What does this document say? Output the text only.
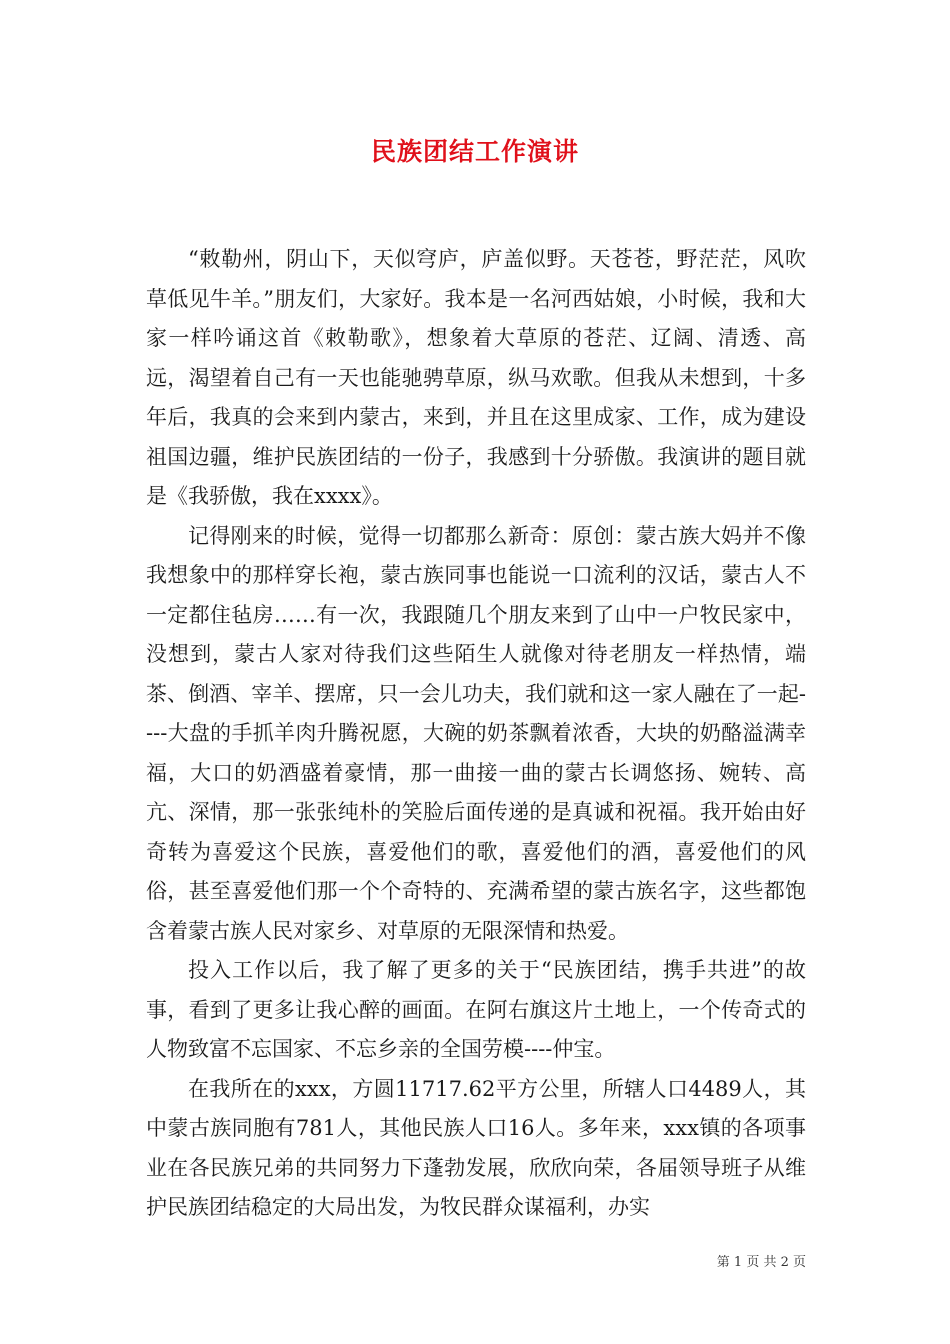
民族团结工作演讲

“敕勒州，阴山下，天似穹庐，庐盖似野。天苍苍，野茫茫，风吹草低见牛羊。”朋友们，大家好。我本是一名河西姑娘，小时候，我和大家一样吟诵这首《敕勒歌》，想象着大草原的苍茫、辽阔、清透、高远，渴望着自己有一天也能驰骋草原，纵马欢歌。但我从未想到，十多年后，我真的会来到内蒙古，来到，并且在这里成家、工作，成为建设祖国边疆，维护民族团结的一份子，我感到十分骄傲。我演讲的题目就是《我骄傲，我在xxxx》。

记得刚来的时候，觉得一切都那么新奇：原创：蒙古族大妈并不像我想象中的那样穿长袍，蒙古族同事也能说一口流利的汉话，蒙古人不一定都住毡房……有一次，我跟随几个朋友来到了山中一户牧民家中，没想到，蒙古人家对待我们这些陌生人就像对待老朋友一样热情，端茶、倒酒、宰羊、摆席，只一会儿功夫，我们就和这一家人融在了一起----大盘的手抓羊肉升腾祝愿，大碗的奶茶飘着浓香，大块的奶酪溢满幸福，大口的奶酒盛着豪情，那一曲接一曲的蒙古长调悠扬、婉转、高亢、深情，那一张张纯朴的笑脸后面传递的是真诚和祝福。我开始由好奇转为喜爱这个民族，喜爱他们的歌，喜爱他们的酒，喜爱他们的风俗，甚至喜爱他们那一个个奇特的、充满希望的蒙古族名字，这些都饱含着蒙古族人民对家乡、对草原的无限深情和热爱。

投入工作以后，我了解了更多的关于“民族团结，携手共进”的故事，看到了更多让我心醉的画面。在阿右旗这片土地上，一个传奇式的人物致富不忘国家、不忘乡亲的全国劳模----仲宝。

在我所在的xxx，方圆11717.62平方公里，所辖人口4489人，其中蒙古族同胞有781人，其他民族人口16人。多年来，xxx镇的各项事业在各民族兄弟的共同努力下蓬勃发展，欣欣向荣，各届领导班子从维护民族团结稳定的大局出发，为牧民群众谋福利，办实

第 1 页 共 2 页
